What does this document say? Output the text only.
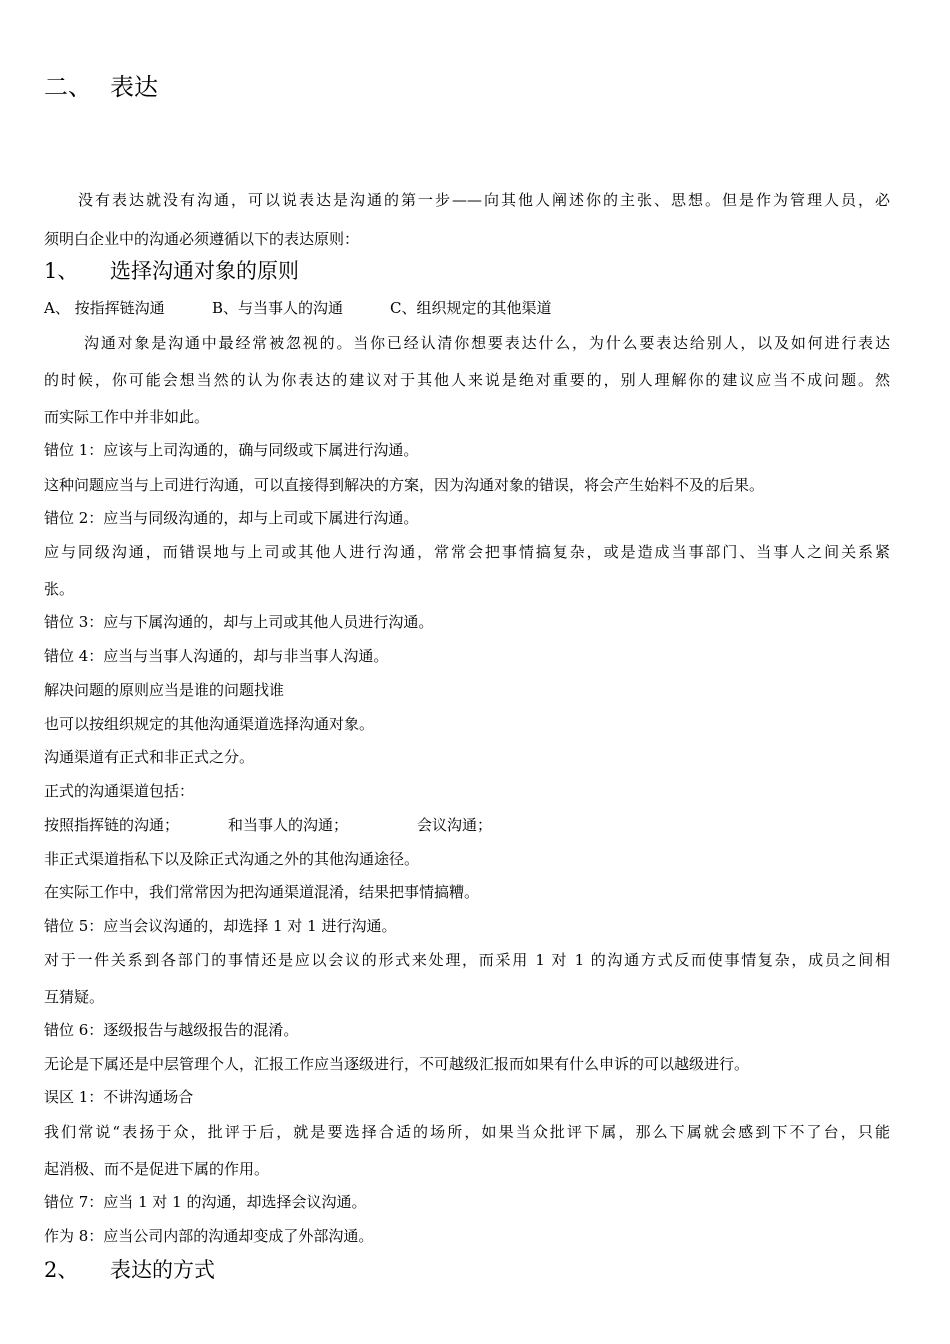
二、 表达
没有表达就没有沟通，可以说表达是沟通的第一步——向其他人阐述你的主张、思想。但是作为管理人员，必
须明白企业中的沟通必须遵循以下的表达原则：
1、 选择沟通对象的原则
A、 按指挥链沟通	B、与当事人的沟通	C、组织规定的其他渠道
沟通对象是沟通中最经常被忽视的。当你已经认清你想要表达什么，为什么要表达给别人，以及如何进行表达
的时候，你可能会想当然的认为你表达的建议对于其他人来说是绝对重要的，别人理解你的建议应当不成问题。然
而实际工作中并非如此。
错位 1：应该与上司沟通的，确与同级或下属进行沟通。
这种问题应当与上司进行沟通，可以直接得到解决的方案，因为沟通对象的错误，将会产生始料不及的后果。
错位 2：应当与同级沟通的，却与上司或下属进行沟通。
应与同级沟通，而错误地与上司或其他人进行沟通，常常会把事情搞复杂，或是造成当事部门、当事人之间关系紧
张。
错位 3：应与下属沟通的，却与上司或其他人员进行沟通。
错位 4：应当与当事人沟通的，却与非当事人沟通。
解决问题的原则应当是谁的问题找谁
也可以按组织规定的其他沟通渠道选择沟通对象。
沟通渠道有正式和非正式之分。
正式的沟通渠道包括：
按照指挥链的沟通；	和当事人的沟通；	会议沟通；
非正式渠道指私下以及除正式沟通之外的其他沟通途径。
在实际工作中，我们常常因为把沟通渠道混淆，结果把事情搞糟。
错位 5：应当会议沟通的，却选择 1 对 1 进行沟通。
对于一件关系到各部门的事情还是应以会议的形式来处理，而采用 1 对 1 的沟通方式反而使事情复杂，成员之间相
互猜疑。
错位 6：逐级报告与越级报告的混淆。
无论是下属还是中层管理个人，汇报工作应当逐级进行，不可越级汇报而如果有什么申诉的可以越级进行。
误区 1：不讲沟通场合
我们常说“表扬于众，批评于后，就是要选择合适的场所，如果当众批评下属，那么下属就会感到下不了台，只能
起消极、而不是促进下属的作用。
错位 7：应当 1 对 1 的沟通，却选择会议沟通。
作为 8：应当公司内部的沟通却变成了外部沟通。
2、 表达的方式
